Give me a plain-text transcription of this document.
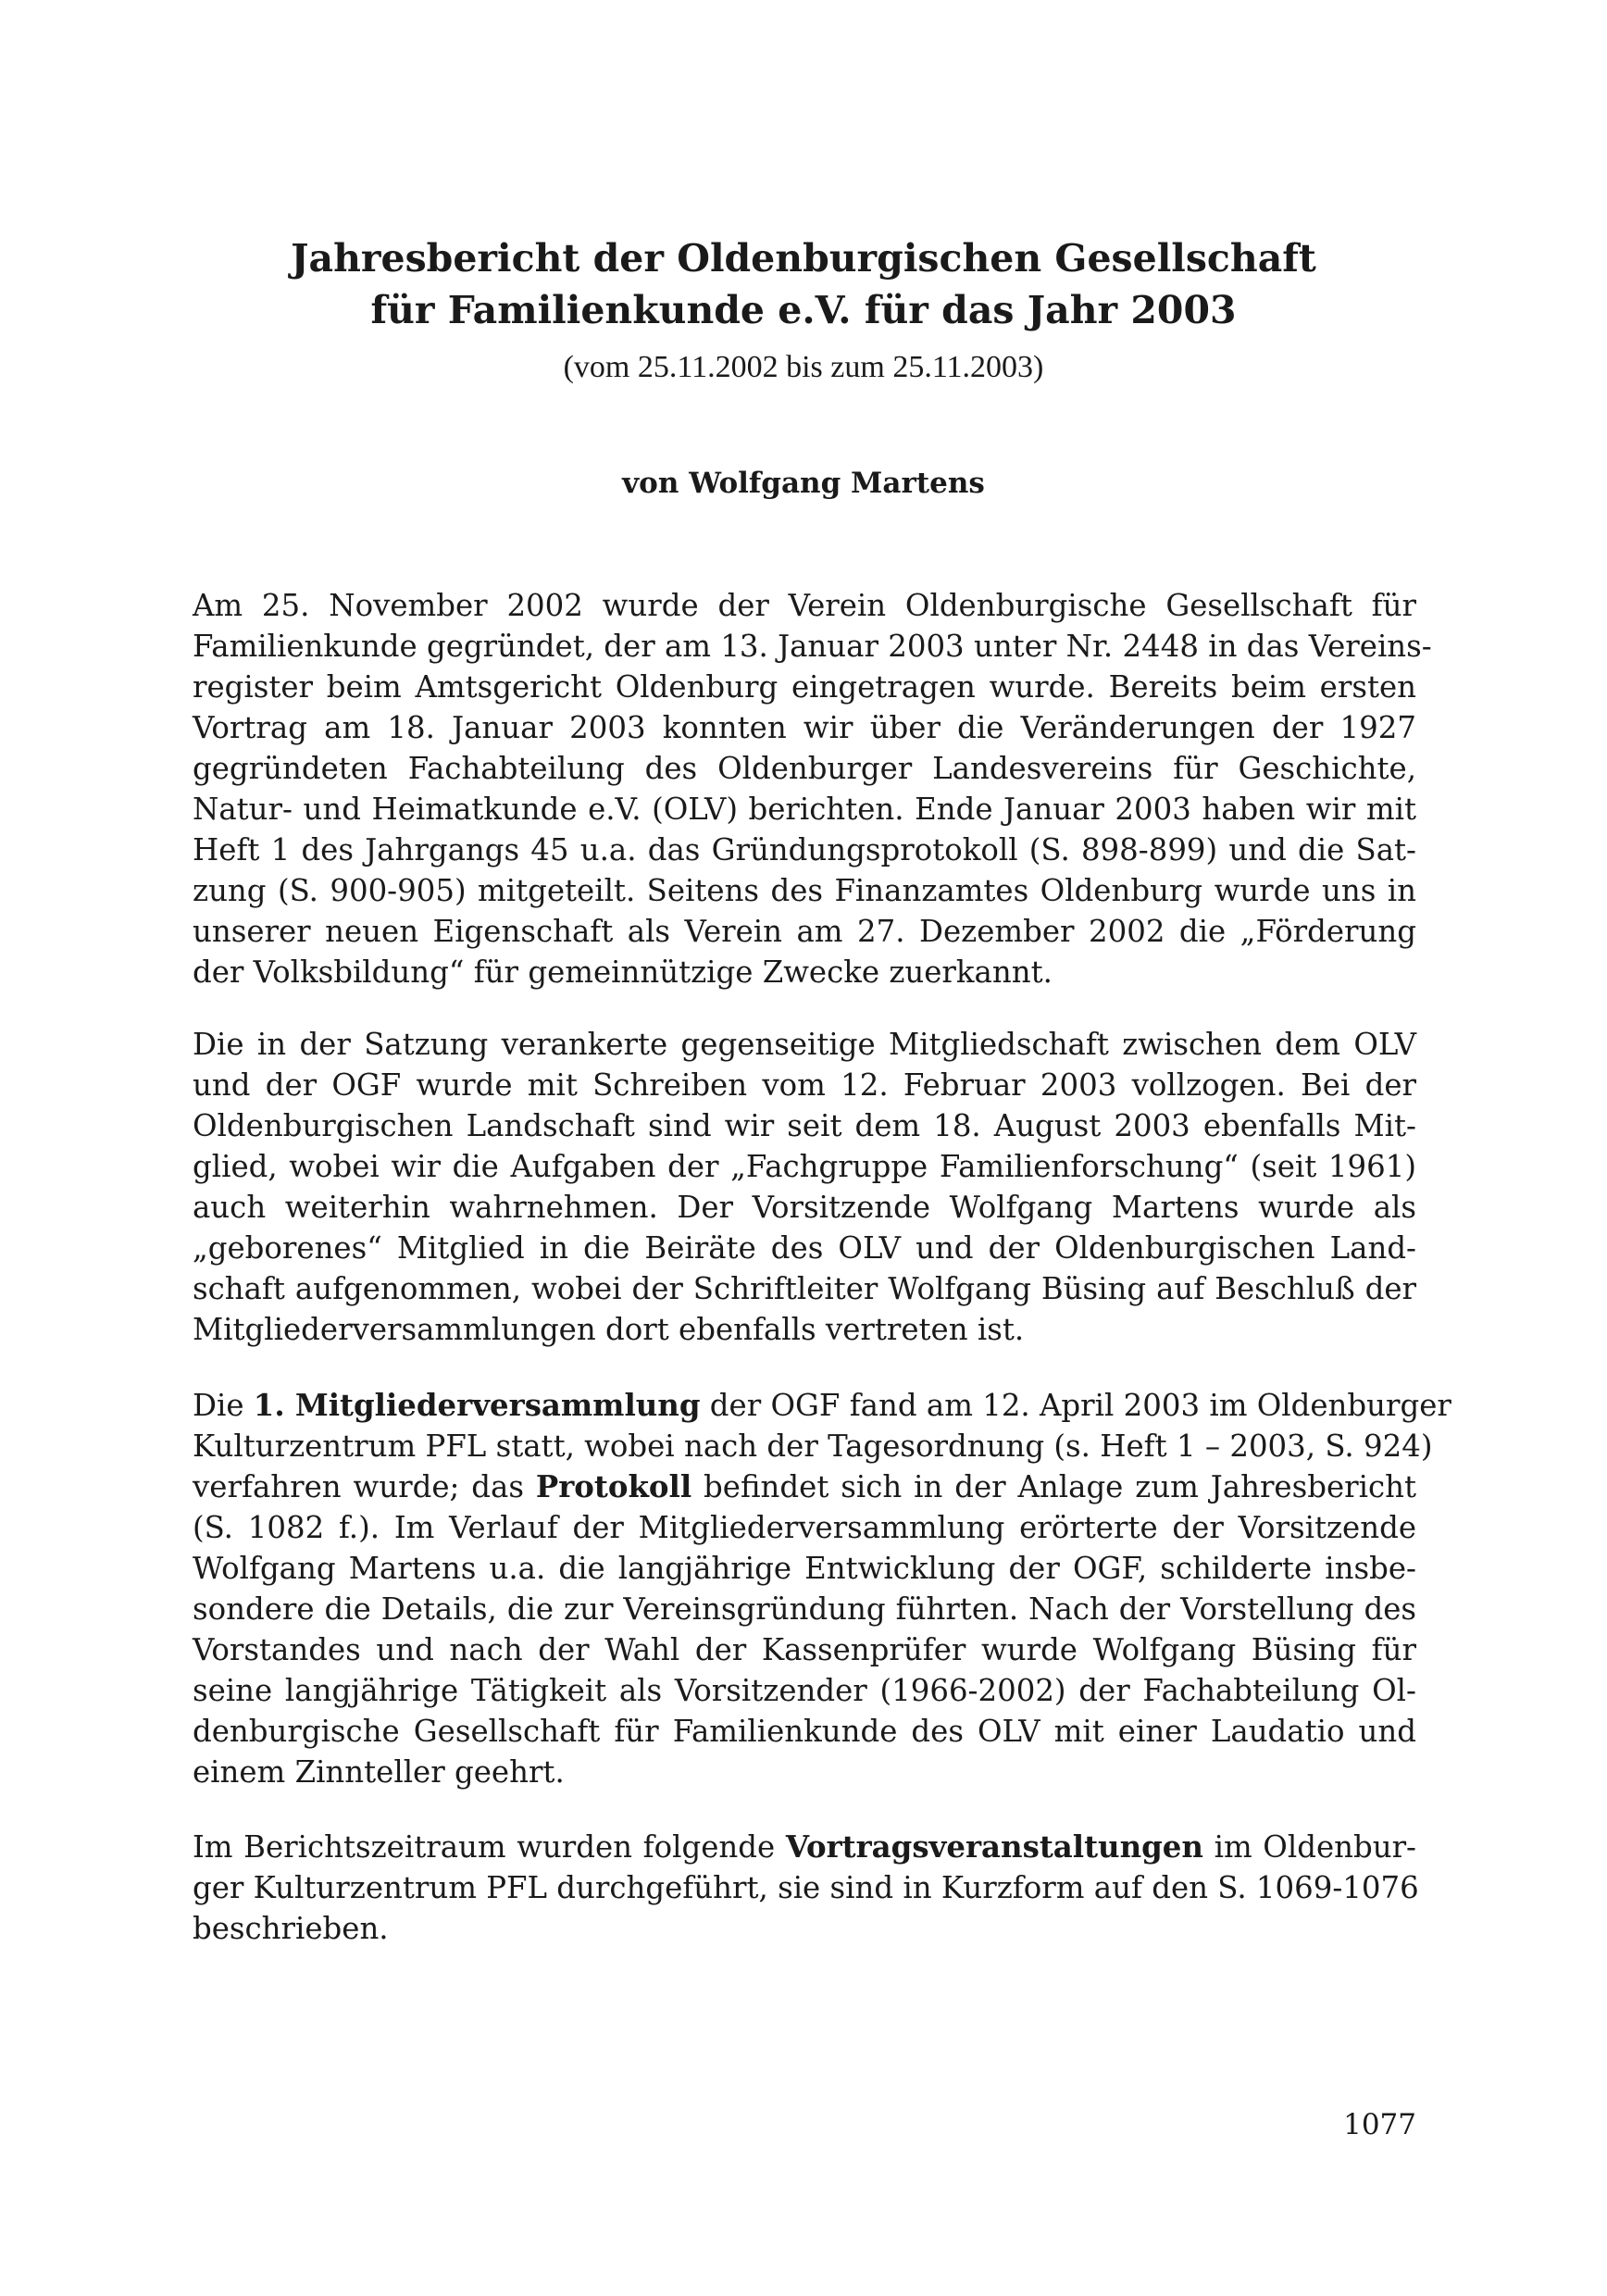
Jahresbericht der Oldenburgischen Gesellschaft
für Familienkunde e.V. für das Jahr 2003
(vom 25.11.2002 bis zum 25.11.2003)
von Wolfgang Martens
Am 25. November 2002 wurde der Verein Oldenburgische Gesellschaft für
Familienkunde gegründet, der am 13. Januar 2003 unter Nr. 2448 in das Vereins-
register beim Amtsgericht Oldenburg eingetragen wurde. Bereits beim ersten
Vortrag am 18. Januar 2003 konnten wir über die Veränderungen der 1927
gegründeten Fachabteilung des Oldenburger Landesvereins für Geschichte,
Natur- und Heimatkunde e.V. (OLV) berichten. Ende Januar 2003 haben wir mit
Heft 1 des Jahrgangs 45 u.a. das Gründungsprotokoll (S. 898-899) und die Sat-
zung (S. 900-905) mitgeteilt. Seitens des Finanzamtes Oldenburg wurde uns in
unserer neuen Eigenschaft als Verein am 27. Dezember 2002 die „Förderung
der Volksbildung“ für gemeinnützige Zwecke zuerkannt.
Die in der Satzung verankerte gegenseitige Mitgliedschaft zwischen dem OLV
und der OGF wurde mit Schreiben vom 12. Februar 2003 vollzogen. Bei der
Oldenburgischen Landschaft sind wir seit dem 18. August 2003 ebenfalls Mit-
glied, wobei wir die Aufgaben der „Fachgruppe Familienforschung“ (seit 1961)
auch weiterhin wahrnehmen. Der Vorsitzende Wolfgang Martens wurde als
„geborenes“ Mitglied in die Beiräte des OLV und der Oldenburgischen Land-
schaft aufgenommen, wobei der Schriftleiter Wolfgang Büsing auf Beschluß der
Mitgliederversammlungen dort ebenfalls vertreten ist.
Die 1. Mitgliederversammlung der OGF fand am 12. April 2003 im Oldenburger
Kulturzentrum PFL statt, wobei nach der Tagesordnung (s. Heft 1 – 2003, S. 924)
verfahren wurde; das Protokoll befindet sich in der Anlage zum Jahresbericht
(S. 1082 f.). Im Verlauf der Mitgliederversammlung erörterte der Vorsitzende
Wolfgang Martens u.a. die langjährige Entwicklung der OGF, schilderte insbe-
sondere die Details, die zur Vereinsgründung führten. Nach der Vorstellung des
Vorstandes und nach der Wahl der Kassenprüfer wurde Wolfgang Büsing für
seine langjährige Tätigkeit als Vorsitzender (1966-2002) der Fachabteilung Ol-
denburgische Gesellschaft für Familienkunde des OLV mit einer Laudatio und
einem Zinnteller geehrt.
Im Berichtszeitraum wurden folgende Vortragsveranstaltungen im Oldenbur-
ger Kulturzentrum PFL durchgeführt, sie sind in Kurzform auf den S. 1069-1076
beschrieben.
1077
